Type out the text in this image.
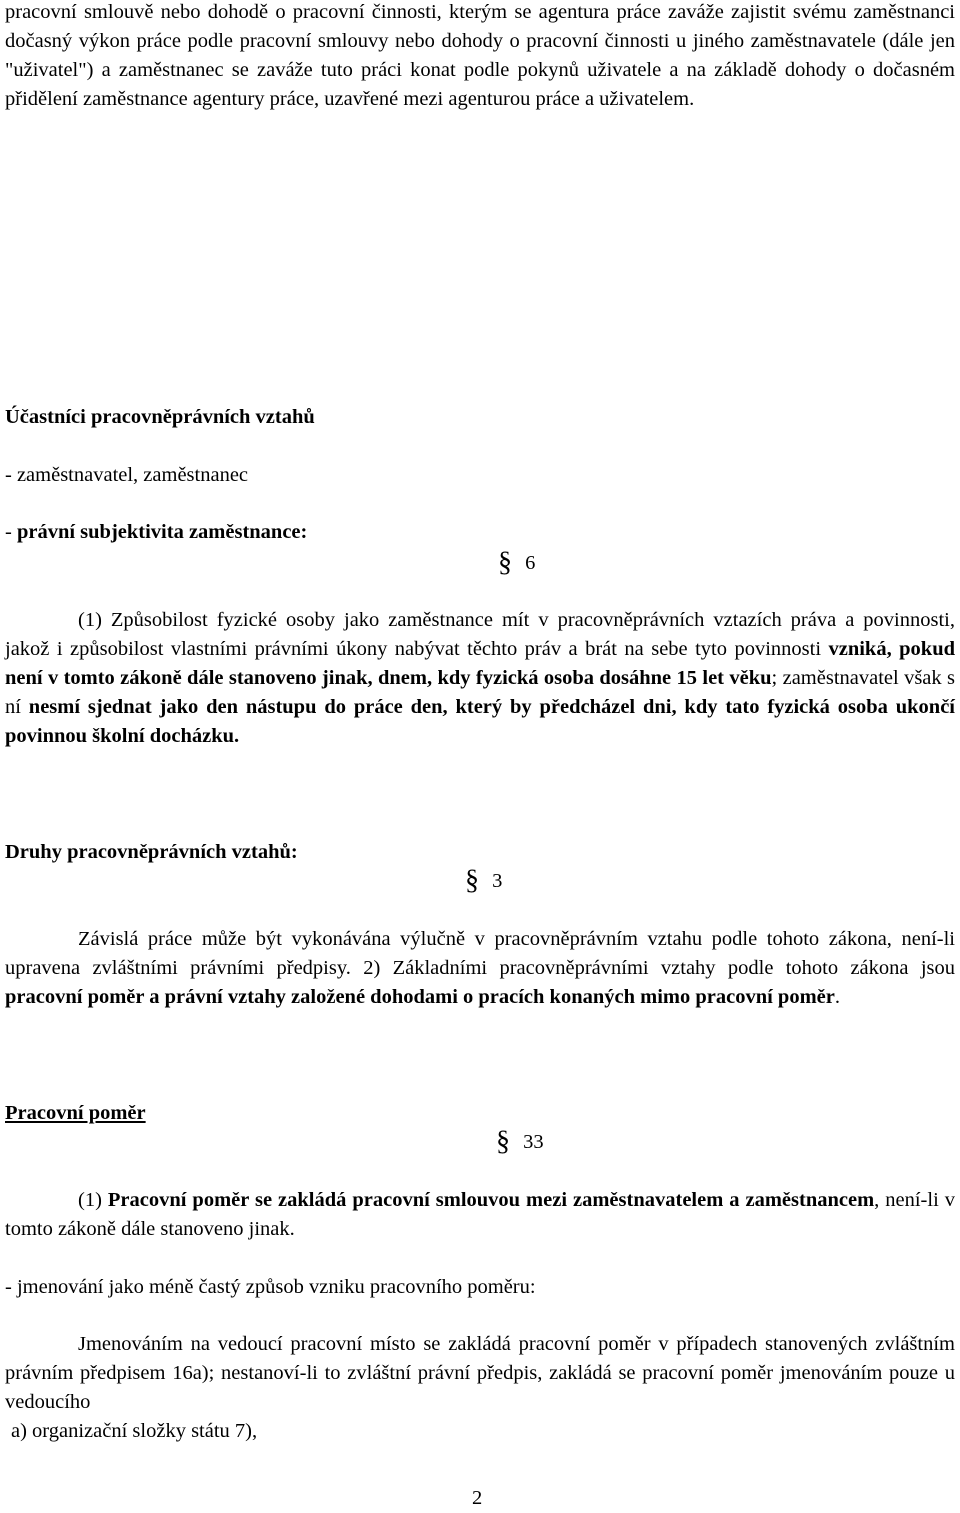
pracovní smlouvě nebo dohodě o pracovní činnosti, kterým se agentura práce zaváže zajistit svému zaměstnanci dočasný výkon práce podle pracovní smlouvy nebo dohody o pracovní činnosti u jiného zaměstnavatele (dále jen "uživatel") a zaměstnanec se zaváže tuto práci konat podle pokynů uživatele a na základě dohody o dočasném přidělení zaměstnance agentury práce, uzavřené mezi agenturou práce a uživatelem.

Účastníci pracovněprávních vztahů

- zaměstnavatel, zaměstnanec

- právní subjektivita zaměstnance:

§ 6

(1) Způsobilost fyzické osoby jako zaměstnance mít v pracovněprávních vztazích práva a povinnosti, jakož i způsobilost vlastními právními úkony nabývat těchto práv a brát na sebe tyto povinnosti vzniká, pokud není v tomto zákoně dále stanoveno jinak, dnem, kdy fyzická osoba dosáhne 15 let věku; zaměstnavatel však s ní nesmí sjednat jako den nástupu do práce den, který by předcházel dni, kdy tato fyzická osoba ukončí povinnou školní docházku.

Druhy pracovněprávních vztahů:

§ 3

Závislá práce může být vykonávána výlučně v pracovněprávním vztahu podle tohoto zákona, není-li upravena zvláštními právními předpisy. 2) Základními pracovněprávními vztahy podle tohoto zákona jsou pracovní poměr a právní vztahy založené dohodami o pracích konaných mimo pracovní poměr.

Pracovní poměr

§ 33

(1) Pracovní poměr se zakládá pracovní smlouvou mezi zaměstnavatelem a zaměstnancem, není-li v tomto zákoně dále stanoveno jinak.

- jmenování jako méně častý způsob vzniku pracovního poměru:

Jmenováním na vedoucí pracovní místo se zakládá pracovní poměr v případech stanovených zvláštním právním předpisem 16a); nestanoví-li to zvláštní právní předpis, zakládá se pracovní poměr jmenováním pouze u vedoucího

a) organizační složky státu 7),

2
